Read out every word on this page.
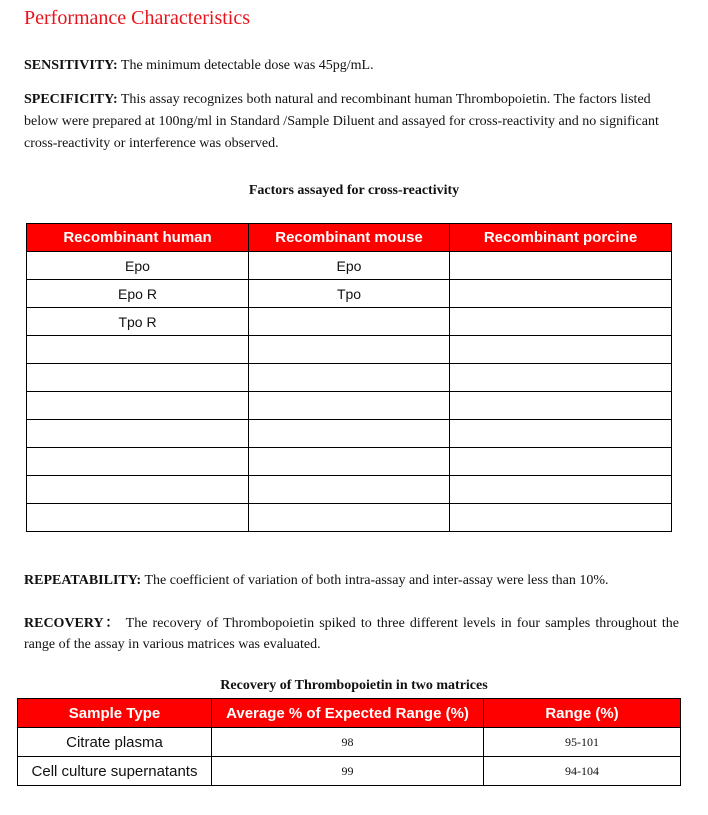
Performance Characteristics
SENSITIVITY: The minimum detectable dose was 45pg/mL.
SPECIFICITY: This assay recognizes both natural and recombinant human Thrombopoietin. The factors listed below were prepared at 100ng/ml in Standard /Sample Diluent and assayed for cross-reactivity and no significant cross-reactivity or interference was observed.
Factors assayed for cross-reactivity
Recombinant human	Recombinant mouse	Recombinant porcine
Epo	Epo	
Epo R	Tpo	
Tpo R		

REPEATABILITY: The coefficient of variation of both intra-assay and inter-assay were less than 10%.
RECOVERY： The recovery of Thrombopoietin spiked to three different levels in four samples throughout the range of the assay in various matrices was evaluated.
Recovery of Thrombopoietin in two matrices
Sample Type	Average % of Expected Range (%)	Range (%)
Citrate plasma	98	95-101
Cell culture supernatants	99	94-104
